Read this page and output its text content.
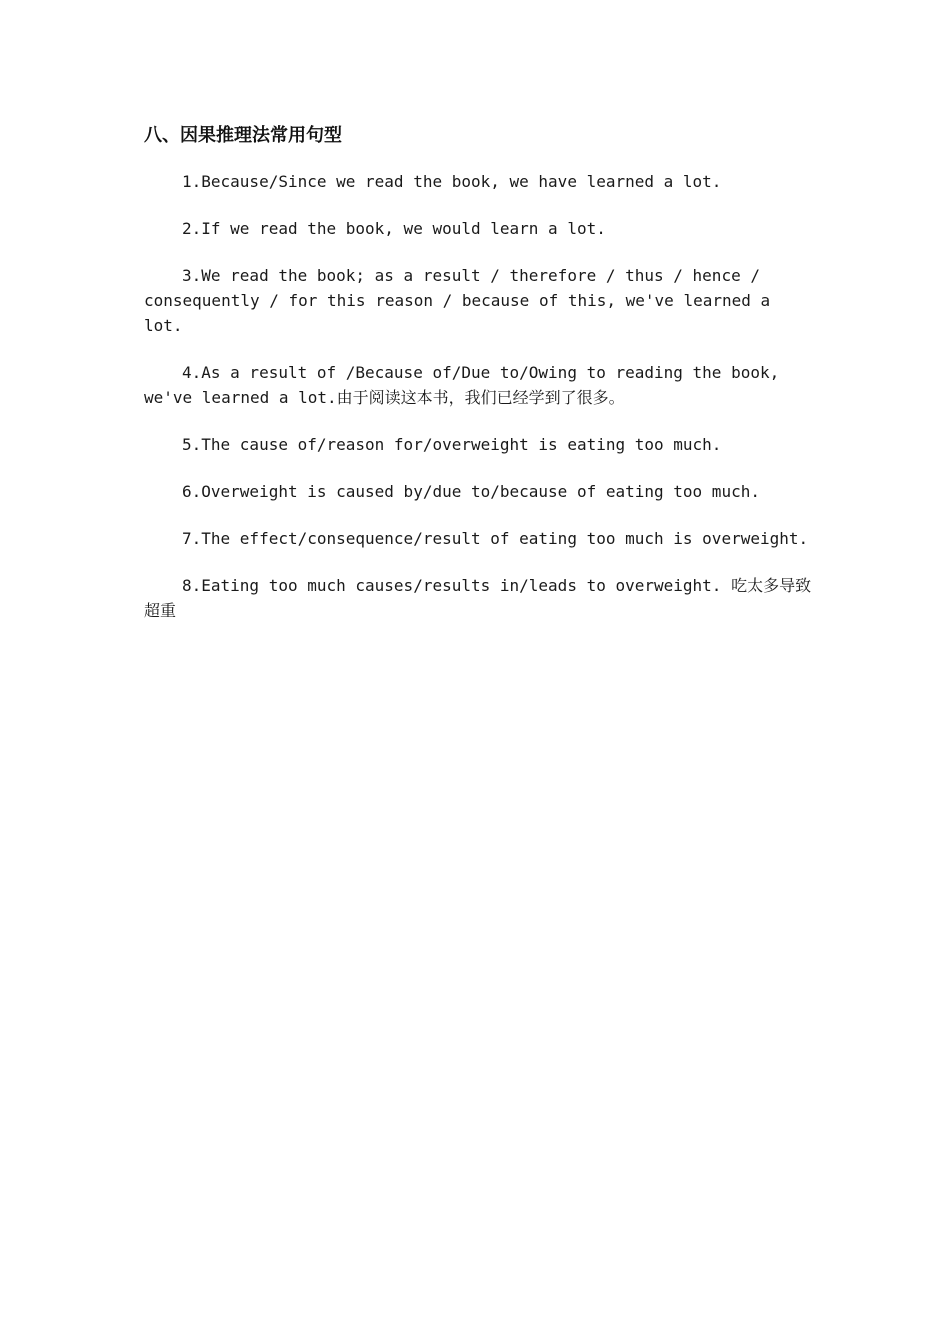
八、因果推理法常用句型

1.Because/Since we read the book, we have learned a lot.

2.If we read the book, we would learn a lot.

3.We read the book; as a result / therefore / thus / hence / consequently / for this reason / because of this, we've learned a lot.

4.As a result of /Because of/Due to/Owing to reading the book, we've learned a lot.由于阅读这本书，我们已经学到了很多。

5.The cause of/reason for/overweight is eating too much.

6.Overweight is caused by/due to/because of eating too much.

7.The effect/consequence/result of eating too much is overweight.

8.Eating too much causes/results in/leads to overweight. 吃太多导致超重
